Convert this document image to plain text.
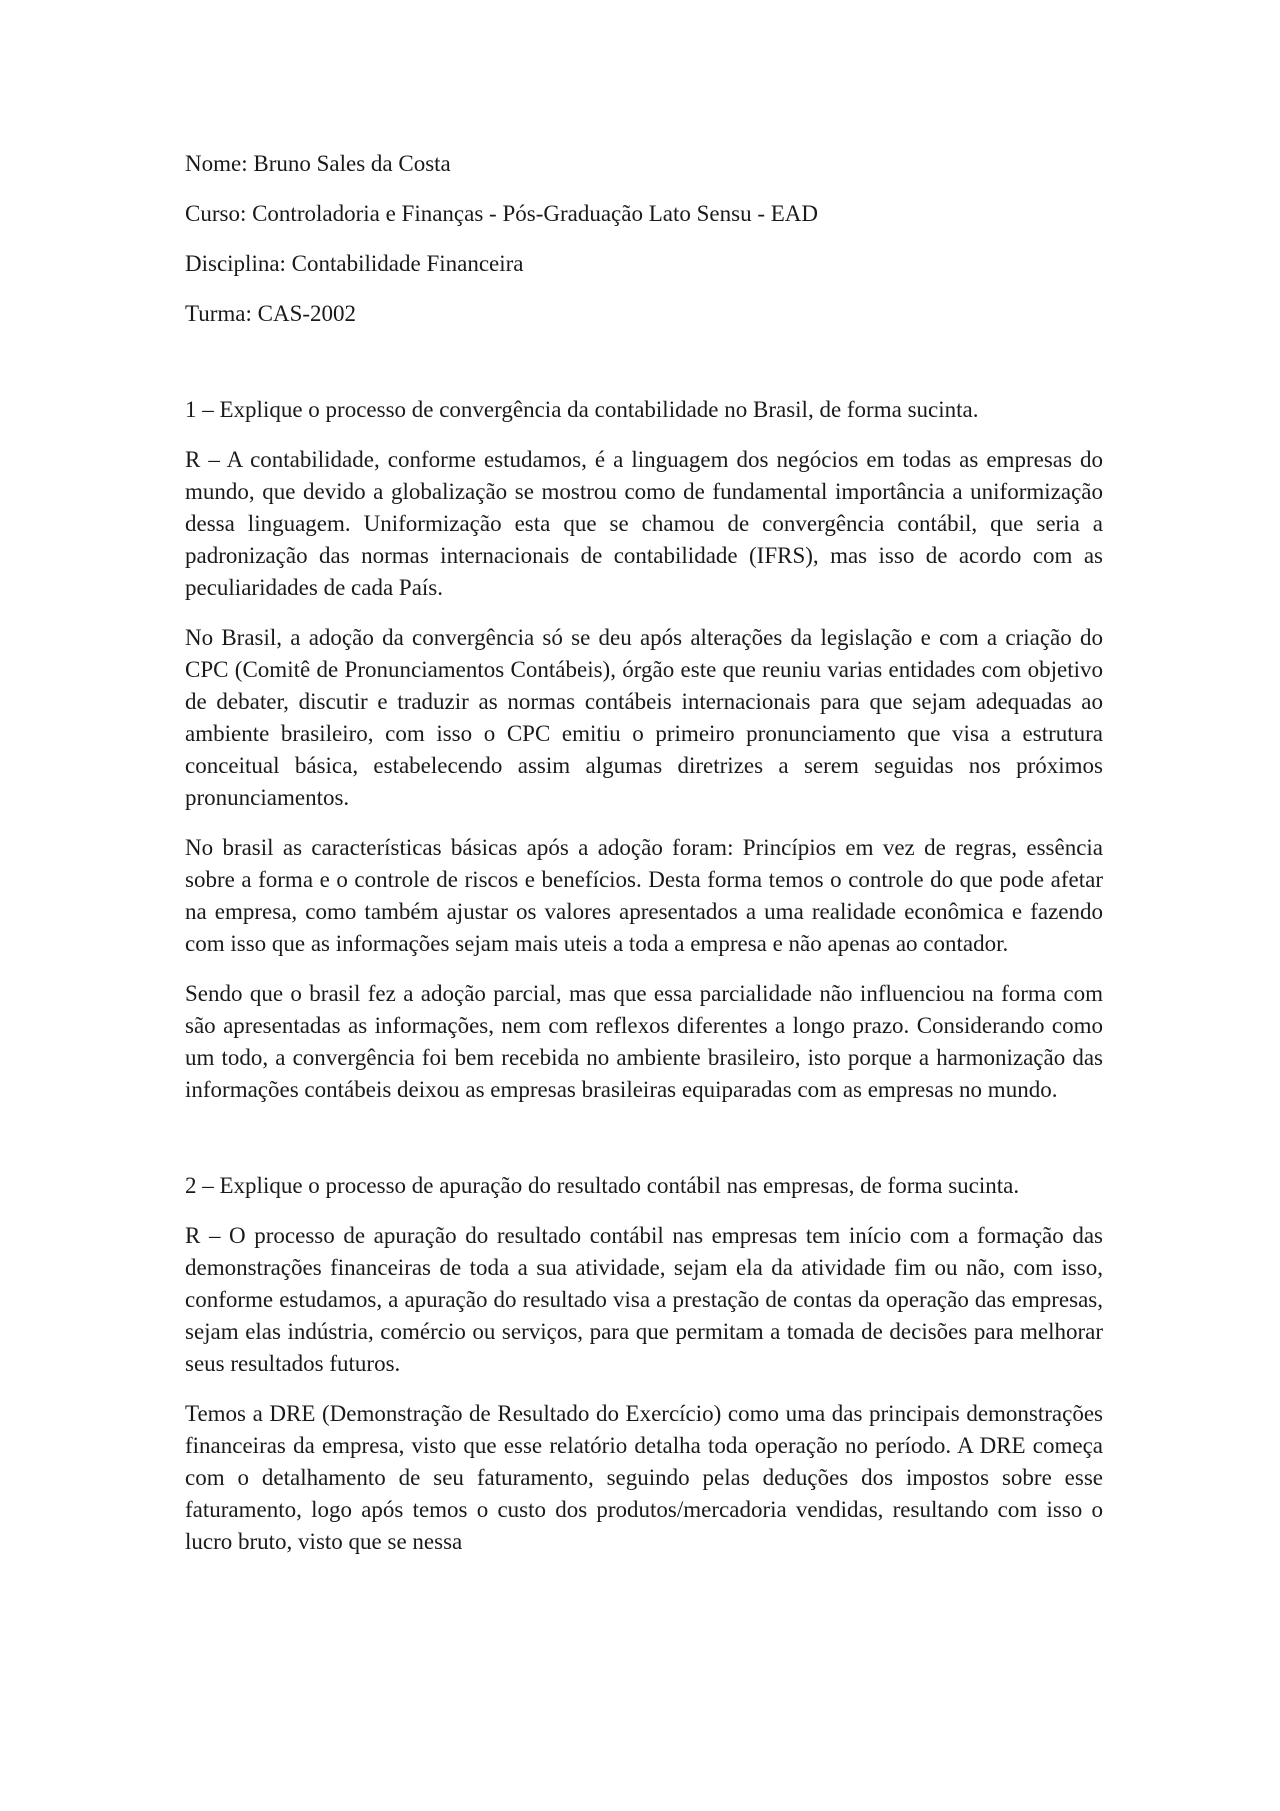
Nome: Bruno Sales da Costa

Curso: Controladoria e Finanças - Pós-Graduação Lato Sensu - EAD

Disciplina: Contabilidade Financeira

Turma: CAS-2002

1 – Explique o processo de convergência da contabilidade no Brasil, de forma sucinta.

R – A contabilidade, conforme estudamos, é a linguagem dos negócios em todas as empresas do mundo, que devido a globalização se mostrou como de fundamental importância a uniformização dessa linguagem. Uniformização esta que se chamou de convergência contábil, que seria a padronização das normas internacionais de contabilidade (IFRS), mas isso de acordo com as peculiaridades de cada País.

No Brasil, a adoção da convergência só se deu após alterações da legislação e com a criação do CPC (Comitê de Pronunciamentos Contábeis), órgão este que reuniu varias entidades com objetivo de debater, discutir e traduzir as normas contábeis internacionais para que sejam adequadas ao ambiente brasileiro, com isso o CPC emitiu o primeiro pronunciamento que visa a estrutura conceitual básica, estabelecendo assim algumas diretrizes a serem seguidas nos próximos pronunciamentos.

No brasil as características básicas após a adoção foram: Princípios em vez de regras, essência sobre a forma e o controle de riscos e benefícios. Desta forma temos o controle do que pode afetar na empresa, como também ajustar os valores apresentados a uma realidade econômica e fazendo com isso que as informações sejam mais uteis a toda a empresa e não apenas ao contador.

Sendo que o brasil fez a adoção parcial, mas que essa parcialidade não influenciou na forma com são apresentadas as informações, nem com reflexos diferentes a longo prazo. Considerando como um todo, a convergência foi bem recebida no ambiente brasileiro, isto porque a harmonização das informações contábeis deixou as empresas brasileiras equiparadas com as empresas no mundo.

2 – Explique o processo de apuração do resultado contábil nas empresas, de forma sucinta.

R – O processo de apuração do resultado contábil nas empresas tem início com a formação das demonstrações financeiras de toda a sua atividade, sejam ela da atividade fim ou não, com isso, conforme estudamos, a apuração do resultado visa a prestação de contas da operação das empresas, sejam elas indústria, comércio ou serviços, para que permitam a tomada de decisões para melhorar seus resultados futuros.

Temos a DRE (Demonstração de Resultado do Exercício) como uma das principais demonstrações financeiras da empresa, visto que esse relatório detalha toda operação no período. A DRE começa com o detalhamento de seu faturamento, seguindo pelas deduções dos impostos sobre esse faturamento, logo após temos o custo dos produtos/mercadoria vendidas, resultando com isso o lucro bruto, visto que se nessa
